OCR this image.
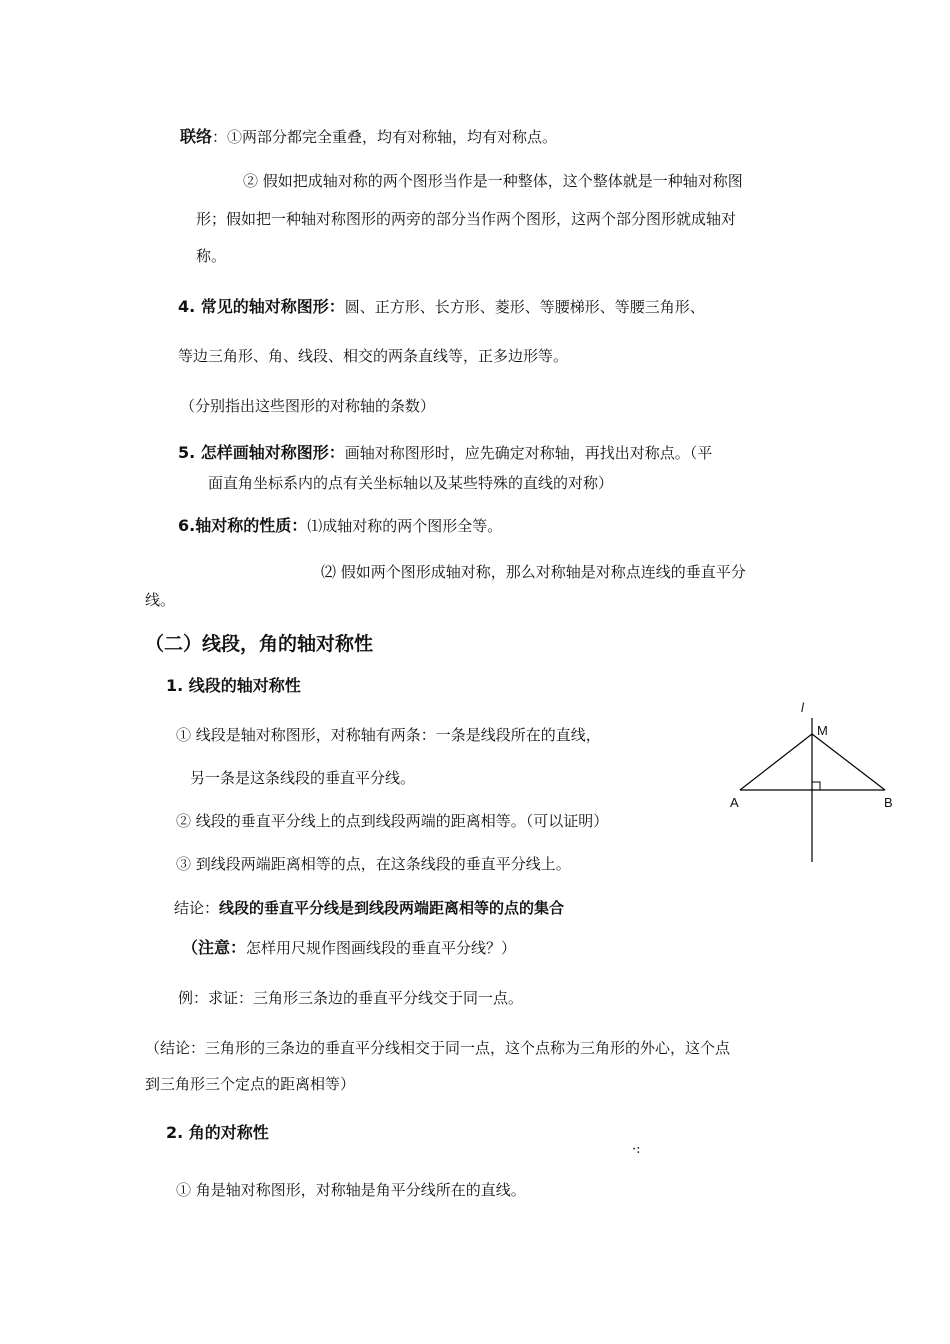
联络：①两部分都完全重叠，均有对称轴，均有对称点。
② 假如把成轴对称的两个图形当作是一种整体，这个整体就是一种轴对称图
形；假如把一种轴对称图形的两旁的部分当作两个图形，这两个部分图形就成轴对
称。
4. 常见的轴对称图形：圆、正方形、长方形、菱形、等腰梯形、等腰三角形、
等边三角形、角、线段、相交的两条直线等，正多边形等。
（分别指出这些图形的对称轴的条数）
5. 怎样画轴对称图形：画轴对称图形时，应先确定对称轴，再找出对称点。（平
面直角坐标系内的点有关坐标轴以及某些特殊的直线的对称）
6.轴对称的性质：⑴成轴对称的两个图形全等。
⑵ 假如两个图形成轴对称，那么对称轴是对称点连线的垂直平分
线。
（二）线段，角的轴对称性
1. 线段的轴对称性
① 线段是轴对称图形，对称轴有两条：一条是线段所在的直线，
另一条是这条线段的垂直平分线。
② 线段的垂直平分线上的点到线段两端的距离相等。（可以证明）
③ 到线段两端距离相等的点，在这条线段的垂直平分线上。
结论：线段的垂直平分线是到线段两端距离相等的点的集合
（注意：怎样用尺规作图画线段的垂直平分线？）
例：求证：三角形三条边的垂直平分线交于同一点。
（结论：三角形的三条边的垂直平分线相交于同一点，这个点称为三角形的外心，这个点
到三角形三个定点的距离相等）
2. 角的对称性
·:
① 角是轴对称图形，对称轴是角平分线所在的直线。
l
M
A	B
